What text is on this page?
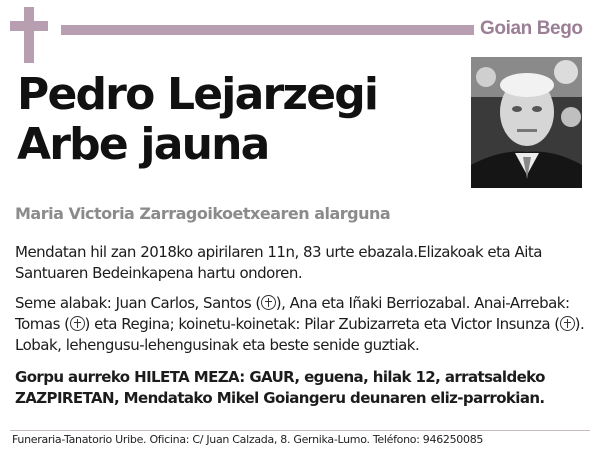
Goian Bego
Pedro Lejarzegi
Arbe jauna
Maria Victoria Zarragoikoetxearen alarguna
Mendatan hil zan 2018ko apirilaren 11n, 83 urte ebazala.Elizakoak eta Aita Santuaren Bedeinkapena hartu ondoren.
Seme alabak: Juan Carlos, Santos ( ), Ana eta Iñaki Berriozabal. Anai-Arrebak: Tomas ( ) eta Regina; koinetu-koinetak: Pilar Zubizarreta eta Victor Insunza ( ). Lobak, lehengusu-lehengusinak eta beste senide guztiak.
Gorpu aurreko HILETA MEZA: GAUR, eguena, hilak 12, arratsaldeko ZAZPIRETAN, Mendatako Mikel Goiangeru deunaren eliz-parrokian.
Funeraria-Tanatorio Uribe. Oficina: C/ Juan Calzada, 8. Gernika-Lumo. Teléfono: 946250085
